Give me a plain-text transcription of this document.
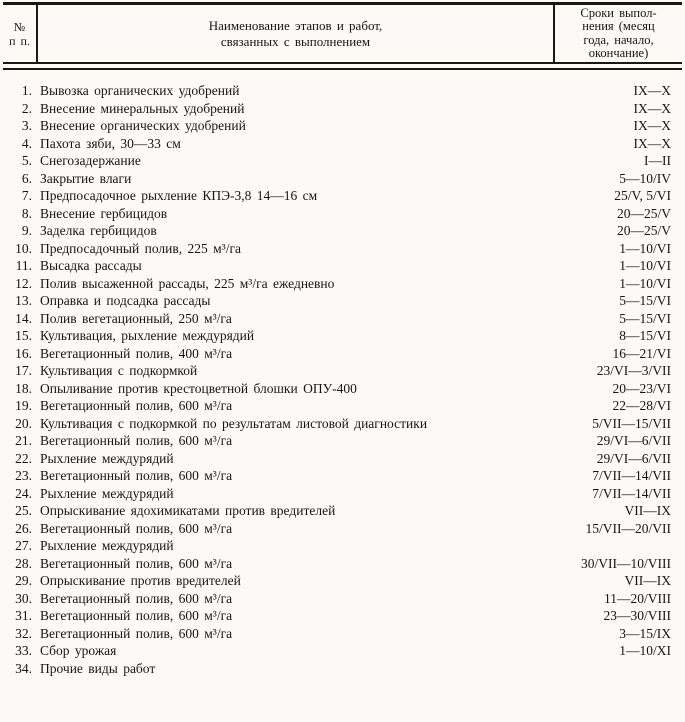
№
п п.
Наименование этапов и работ,
связанных с выполнением
Сроки выпол-
нения (месяц
года, начало,
окончание)
1. Вывозка органических удобрений	IX—X
2. Внесение минеральных удобрений	IX—X
3. Внесение органических удобрений	IX—X
4. Пахота зяби, 30—33 см	IX—X
5. Снегозадержание	I—II
6. Закрытие влаги	5—10/IV
7. Предпосадочное рыхление КПЭ-3,8 14—16 см	25/V, 5/VI
8. Внесение гербицидов	20—25/V
9. Заделка гербицидов	20—25/V
10. Предпосадочный полив, 225 м³/га	1—10/VI
11. Высадка рассады	1—10/VI
12. Полив высаженной рассады, 225 м³/га ежедневно	1—10/VI
13. Оправка и подсадка рассады	5—15/VI
14. Полив вегетационный, 250 м³/га	5—15/VI
15. Культивация, рыхление междурядий	8—15/VI
16. Вегетационный полив, 400 м³/га	16—21/VI
17. Культивация с подкормкой	23/VI—3/VII
18. Опыливание против крестоцветной блошки ОПУ-400	20—23/VI
19. Вегетационный полив, 600 м³/га	22—28/VI
20. Культивация с подкормкой по результатам листовой диагностики	5/VII—15/VII
21. Вегетационный полив, 600 м³/га	29/VI—6/VII
22. Рыхление междурядий	29/VI—6/VII
23. Вегетационный полив, 600 м³/га	7/VII—14/VII
24. Рыхление междурядий	7/VII—14/VII
25. Опрыскивание ядохимикатами против вредителей	VII—IX
26. Вегетационный полив, 600 м³/га	15/VII—20/VII
27. Рыхление междурядий
28. Вегетационный полив, 600 м³/га	30/VII—10/VIII
29. Опрыскивание против вредителей	VII—IX
30. Вегетационный полив, 600 м³/га	11—20/VIII
31. Вегетационный полив, 600 м³/га	23—30/VIII
32. Вегетационный полив, 600 м³/га	3—15/IX
33. Сбор урожая	1—10/XI
34. Прочие виды работ
